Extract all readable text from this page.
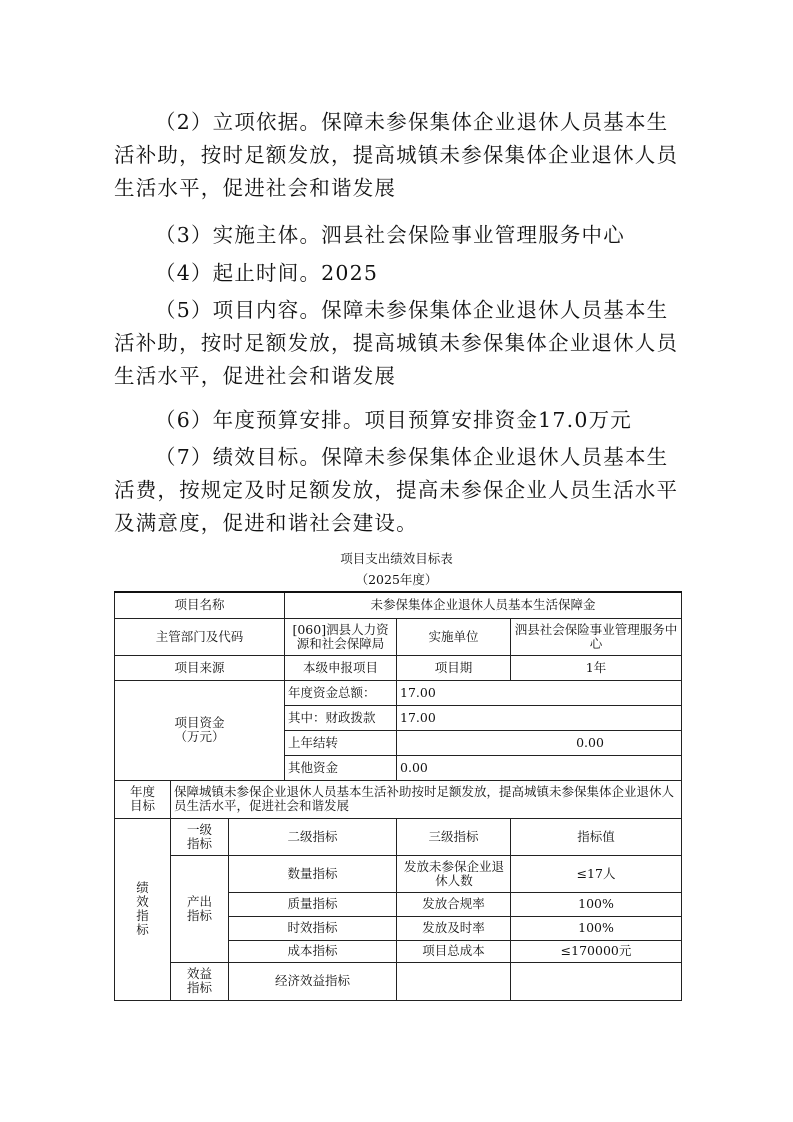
（2）立项依据。保障未参保集体企业退休人员基本生活补助，按时足额发放，提高城镇未参保集体企业退休人员生活水平，促进社会和谐发展

（3）实施主体。泗县社会保险事业管理服务中心

（4）起止时间。2025

（5）项目内容。保障未参保集体企业退休人员基本生活补助，按时足额发放，提高城镇未参保集体企业退休人员生活水平，促进社会和谐发展

（6）年度预算安排。项目预算安排资金17.0万元

（7）绩效目标。保障未参保集体企业退休人员基本生活费，按规定及时足额发放，提高未参保企业人员生活水平及满意度，促进和谐社会建设。

项目支出绩效目标表
（2025年度）
项目名称			未参保集体企业退休人员基本生活保障金		
主管部门及代码			[060]泗县人力资源和社会保障局	实施单位	泗县社会保险事业管理服务中心
项目来源			本级申报项目	项目期	1年

项目资金（万元）			年度资金总额：	17.00	
			其中：财政拨款	17.00	
			上年结转	0.00	
			其他资金	0.00	

年度目标	保障城镇未参保企业退休人员基本生活补助按时足额发放，提高城镇未参保集体企业退休人员生活水平，促进社会和谐发展				

绩效指标	一级指标	二级指标		三级指标	指标值

	产出指标	数量指标		发放未参保企业退休人数	≤17人
		质量指标		发放合规率	100%
		时效指标		发放及时率	100%
		成本指标		项目总成本	≤170000元

	效益指标	经济效益指标			
